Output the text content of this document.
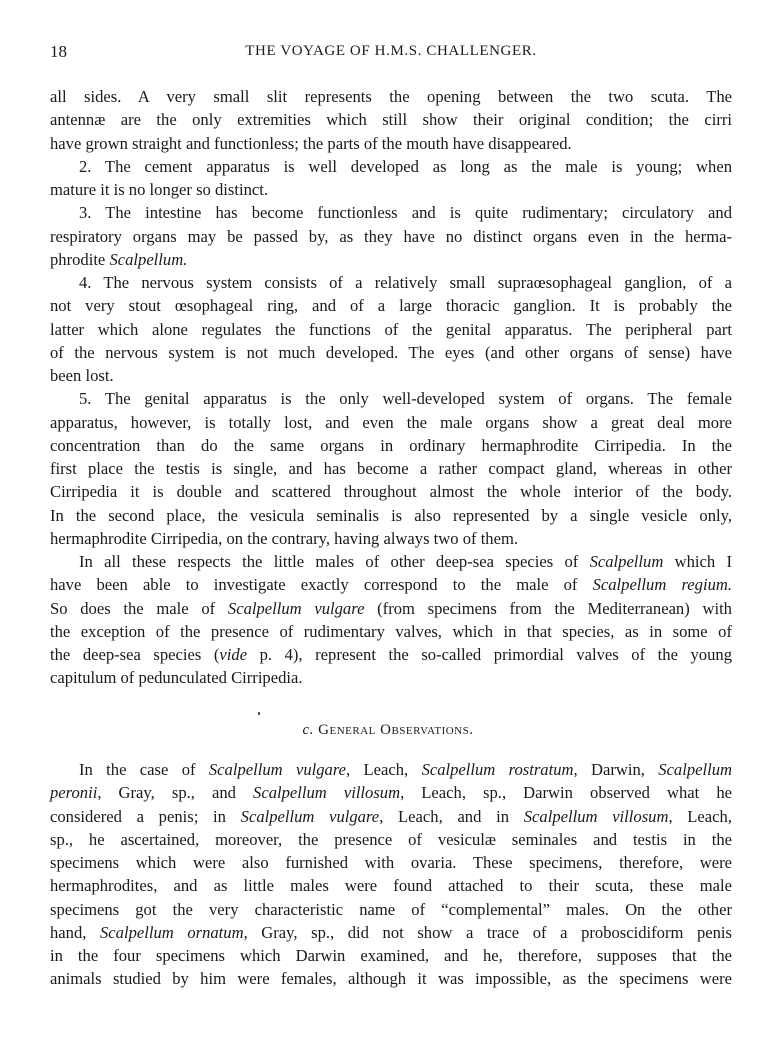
18	THE VOYAGE OF H.M.S. CHALLENGER.
all sides. A very small slit represents the opening between the two scuta. The
antennæ are the only extremities which still show their original condition; the cirri
have grown straight and functionless; the parts of the mouth have disappeared.
2. The cement apparatus is well developed as long as the male is young; when
mature it is no longer so distinct.
3. The intestine has become functionless and is quite rudimentary; circulatory and
respiratory organs may be passed by, as they have no distinct organs even in the herma-
phrodite Scalpellum.
4. The nervous system consists of a relatively small supraœsophageal ganglion, of a
not very stout œsophageal ring, and of a large thoracic ganglion. It is probably the
latter which alone regulates the functions of the genital apparatus. The peripheral part
of the nervous system is not much developed. The eyes (and other organs of sense) have
been lost.
5. The genital apparatus is the only well-developed system of organs. The female
apparatus, however, is totally lost, and even the male organs show a great deal more
concentration than do the same organs in ordinary hermaphrodite Cirripedia. In the
first place the testis is single, and has become a rather compact gland, whereas in other
Cirripedia it is double and scattered throughout almost the whole interior of the body.
In the second place, the vesicula seminalis is also represented by a single vesicle only,
hermaphrodite Cirripedia, on the contrary, having always two of them.
In all these respects the little males of other deep-sea species of Scalpellum which I
have been able to investigate exactly correspond to the male of Scalpellum regium.
So does the male of Scalpellum vulgare (from specimens from the Mediterranean) with
the exception of the presence of rudimentary valves, which in that species, as in some of
the deep-sea species (vide p. 4), represent the so-called primordial valves of the young
capitulum of pedunculated Cirripedia.
c. General Observations.
In the case of Scalpellum vulgare, Leach, Scalpellum rostratum, Darwin, Scalpellum
peronii, Gray, sp., and Scalpellum villosum, Leach, sp., Darwin observed what he
considered a penis; in Scalpellum vulgare, Leach, and in Scalpellum villosum, Leach,
sp., he ascertained, moreover, the presence of vesiculæ seminales and testis in the
specimens which were also furnished with ovaria. These specimens, therefore, were
hermaphrodites, and as little males were found attached to their scuta, these male
specimens got the very characteristic name of “complemental” males. On the other
hand, Scalpellum ornatum, Gray, sp., did not show a trace of a proboscidiform penis
in the four specimens which Darwin examined, and he, therefore, supposes that the
animals studied by him were females, although it was impossible, as the specimens were
